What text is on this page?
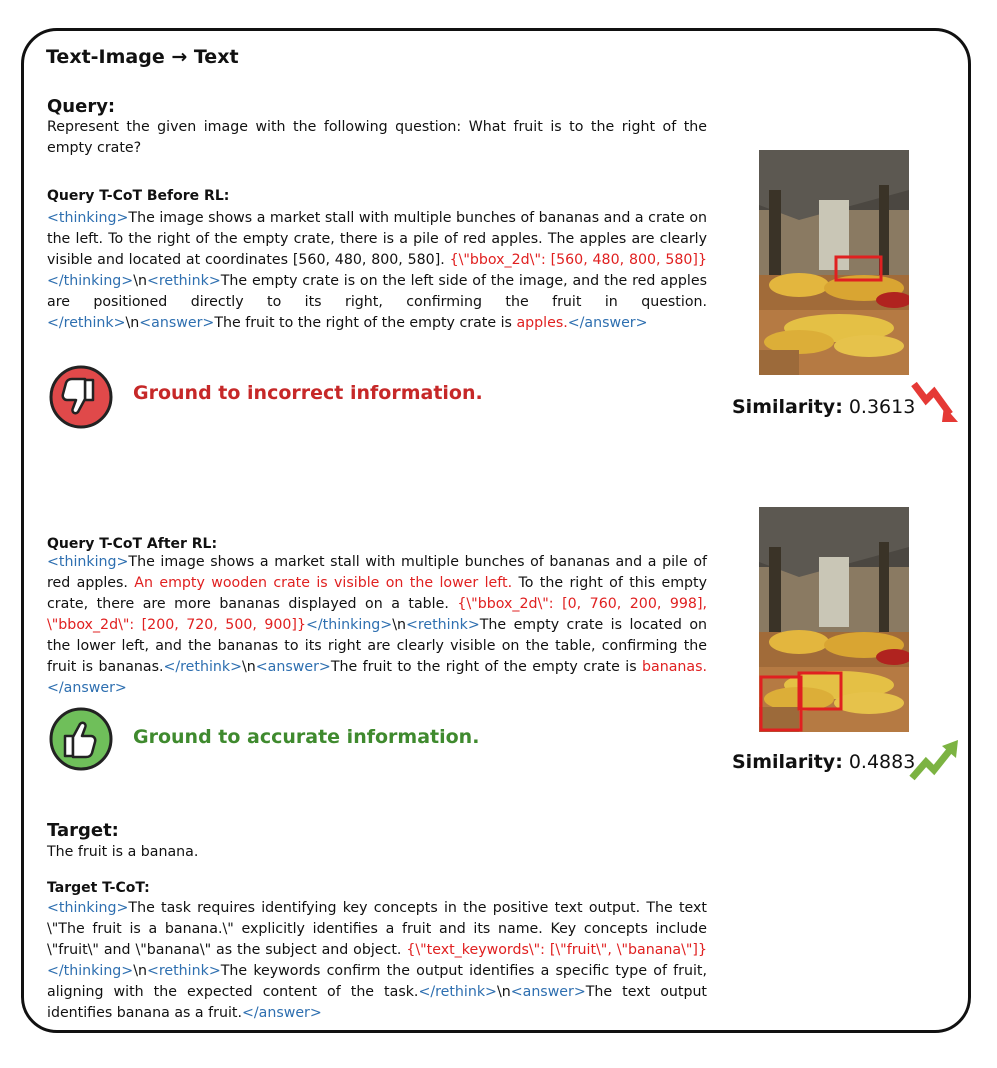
Text-Image → Text
Query:
Represent the given image with the following question: What fruit is to the right of the empty crate?
Query T-CoT Before RL:
<thinking>The image shows a market stall with multiple bunches of bananas and a crate on the left. To the right of the empty crate, there is a pile of red apples. The apples are clearly visible and located at coordinates [560, 480, 800, 580]. {\"bbox_2d\": [560, 480, 800, 580]}</thinking>\n<rethink>The empty crate is on the left side of the image, and the red apples are positioned directly to its right, confirming the fruit in question.</rethink>\n<answer>The fruit to the right of the empty crate is apples.</answer>
Ground to incorrect information.
Similarity: 0.3613
Query T-CoT After RL:
<thinking>The image shows a market stall with multiple bunches of bananas and a pile of red apples. An empty wooden crate is visible on the lower left. To the right of this empty crate, there are more bananas displayed on a table. {\"bbox_2d\": [0, 760, 200, 998], \"bbox_2d\": [200, 720, 500, 900]}</thinking>\n<rethink>The empty crate is located on the lower left, and the bananas to its right are clearly visible on the table, confirming the fruit is bananas.</rethink>\n<answer>The fruit to the right of the empty crate is bananas.</answer>
Ground to accurate information.
Similarity: 0.4883
Target:
The fruit is a banana.
Target T-CoT:
<thinking>The task requires identifying key concepts in the positive text output. The text \"The fruit is a banana.\" explicitly identifies a fruit and its name. Key concepts include \"fruit\" and \"banana\" as the subject and object. {\"text_keywords\": [\"fruit\", \"banana\"]}</thinking>\n<rethink>The keywords confirm the output identifies a specific type of fruit, aligning with the expected content of the task.</rethink>\n<answer>The text output identifies banana as a fruit.</answer>
